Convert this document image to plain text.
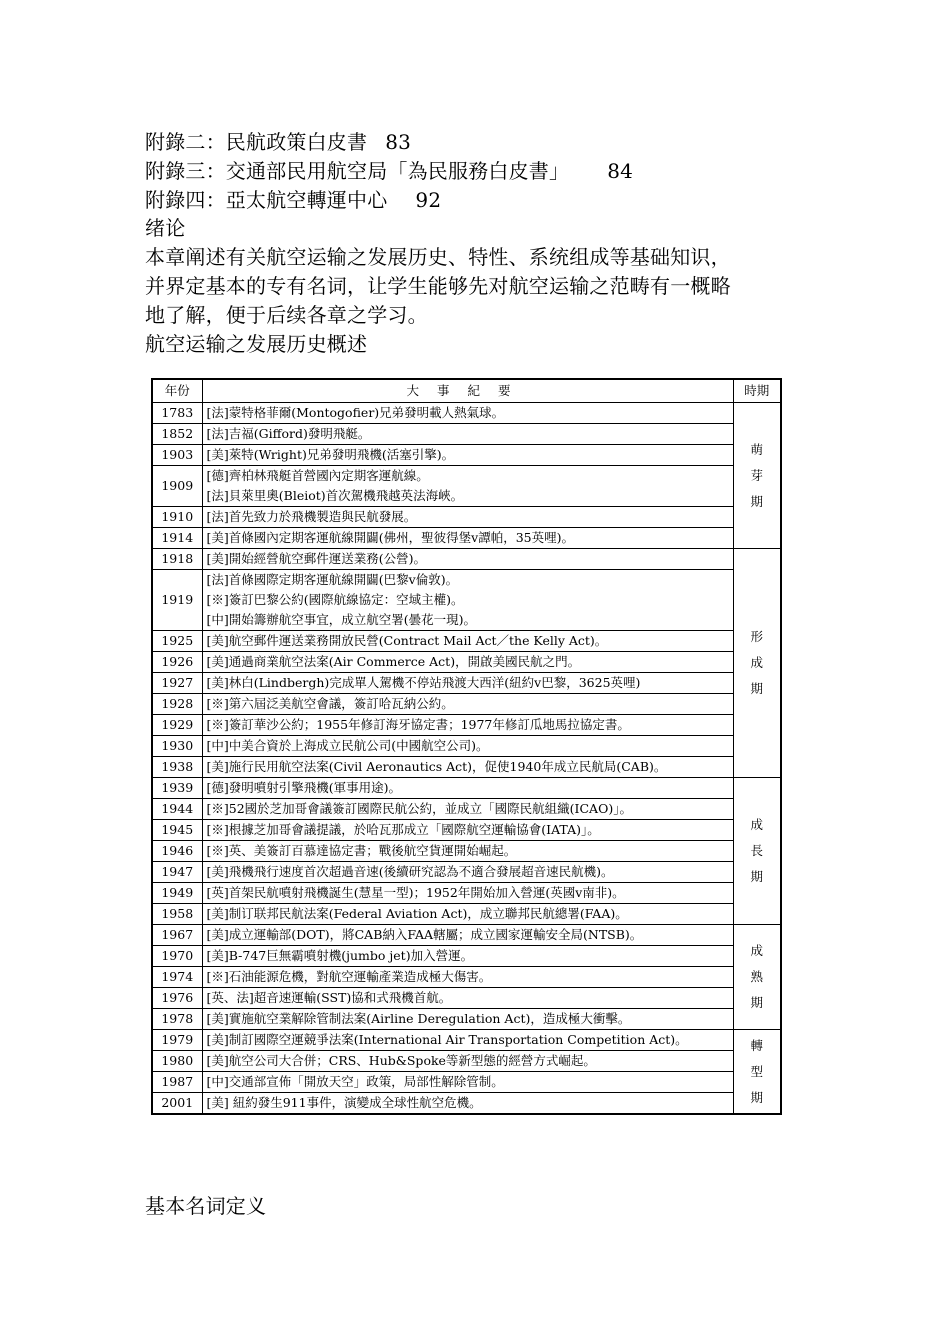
附錄二：民航政策白皮書 83
附錄三：交通部民用航空局「為民服務白皮書」 84
附錄四：亞太航空轉運中心 92
绪论
本章阐述有关航空运输之发展历史、特性、系统组成等基础知识，
并界定基本的专有名词，让学生能够先对航空运输之范畴有一概略
地了解，便于后续各章之学习。
航空运输之发展历史概述
年份	大事紀要	時期
1783	[法]蒙特格菲爾(Montogofier)兄弟發明載人熱氣球。	萌芽期
1852	[法]吉福(Gifford)發明飛艇。	

1903	[美]萊特(Wright)兄弟發明飛機(活塞引擎)。	

1909	[德]齊柏林飛艇首營國內定期客運航線。
[法]貝萊里奧(Bleiot)首次駕機飛越英法海峽。	

1910	[法]首先致力於飛機製造與民航發展。	

1914	[美]首條國內定期客運航線開闢(佛州，聖彼得堡v譚帕，35英哩)。	

1918	[美]開始經營航空郵件運送業務(公營)。	形成期
1919	[法]首條國際定期客運航線開闢(巴黎v倫敦)。
[※]簽訂巴黎公約(國際航線協定：空域主權)。
[中]開始籌辦航空事宜，成立航空署(曇花一現)。	

1925	[美]航空郵件運送業務開放民營(Contract Mail Act／the Kelly Act)。	

1926	[美]通過商業航空法案(Air Commerce Act)，開啟美國民航之門。	

1927	[美]林白(Lindbergh)完成單人駕機不停站飛渡大西洋(紐約v巴黎，3625英哩)	

1928	[※]第六屆泛美航空會議，簽訂哈瓦納公約。	

1929	[※]簽訂華沙公約；1955年修訂海牙協定書；1977年修訂瓜地馬拉協定書。	

1930	[中]中美合資於上海成立民航公司(中國航空公司)。	

1938	[美]施行民用航空法案(Civil Aeronautics Act)，促使1940年成立民航局(CAB)。	

1939	[德]發明噴射引擎飛機(軍事用途)。	成長期
1944	[※]52國於芝加哥會議簽訂國際民航公約，並成立「國際民航組織(ICAO)」。	

1945	[※]根據芝加哥會議提議，於哈瓦那成立「國際航空運輸協會(IATA)」。	

1946	[※]英、美簽訂百慕達協定書；戰後航空貨運開始崛起。	

1947	[美]飛機飛行速度首次超過音速(後續研究認為不適合發展超音速民航機)。	

1949	[英]首架民航噴射飛機誕生(慧星一型)；1952年開始加入營運(英國v南非)。	

1958	[美]制订联邦民航法案(Federal Aviation Act)，成立聯邦民航總署(FAA)。	

1967	[美]成立運輸部(DOT)，將CAB納入FAA轄屬；成立國家運輸安全局(NTSB)。	成熟期
1970	[美]B-747巨無霸噴射機(jumbo jet)加入營運。	

1974	[※]石油能源危機，對航空運輸產業造成極大傷害。	

1976	[英、法]超音速運輸(SST)協和式飛機首航。	

1978	[美]實施航空業解除管制法案(Airline Deregulation Act)，造成極大衝擊。	

1979	[美]制訂國際空運競爭法案(International Air Transportation Competition Act)。	轉型期
1980	[美]航空公司大合併；CRS、Hub&Spoke等新型態的經營方式崛起。	

1987	[中]交通部宣佈「開放天空」政策，局部性解除管制。	

2001	[美] 紐約發生911事件，演變成全球性航空危機。	
基本名词定义
